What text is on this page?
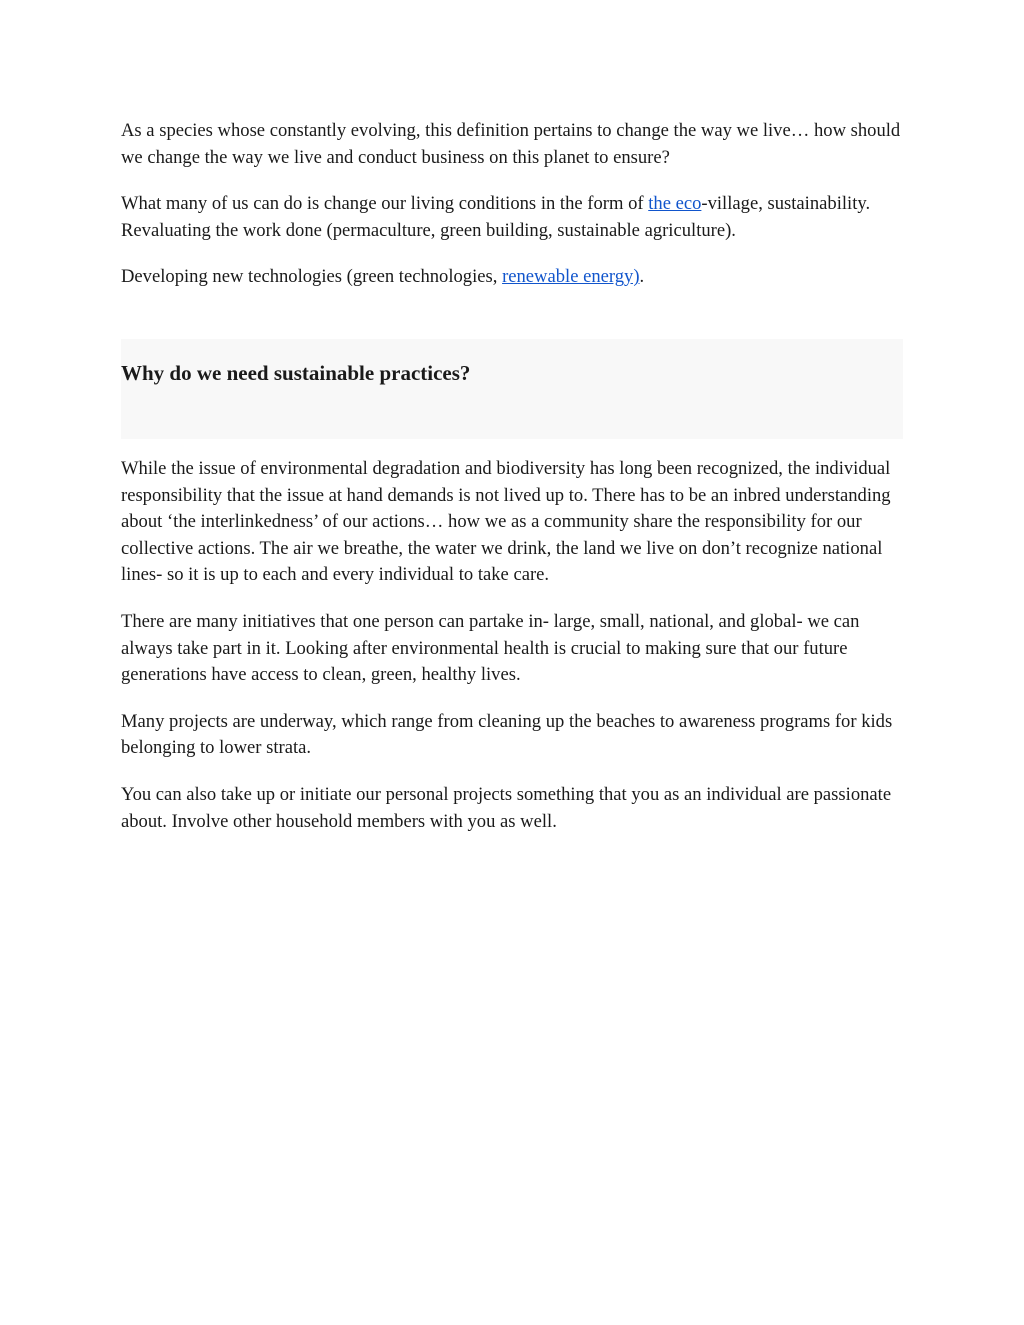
As a species whose constantly evolving, this definition pertains to change the way we live… how should we change the way we live and conduct business on this planet to ensure?

What many of us can do is change our living conditions in the form of the eco-village, sustainability. Revaluating the work done (permaculture, green building, sustainable agriculture).

Developing new technologies (green technologies, renewable energy).

Why do we need sustainable practices?

While the issue of environmental degradation and biodiversity has long been recognized, the individual responsibility that the issue at hand demands is not lived up to. There has to be an inbred understanding about ‘the interlinkedness’ of our actions… how we as a community share the responsibility for our collective actions. The air we breathe, the water we drink, the land we live on don’t recognize national lines- so it is up to each and every individual to take care.

There are many initiatives that one person can partake in- large, small, national, and global- we can always take part in it. Looking after environmental health is crucial to making sure that our future generations have access to clean, green, healthy lives.

Many projects are underway, which range from cleaning up the beaches to awareness programs for kids belonging to lower strata.

You can also take up or initiate our personal projects something that you as an individual are passionate about. Involve other household members with you as well.
